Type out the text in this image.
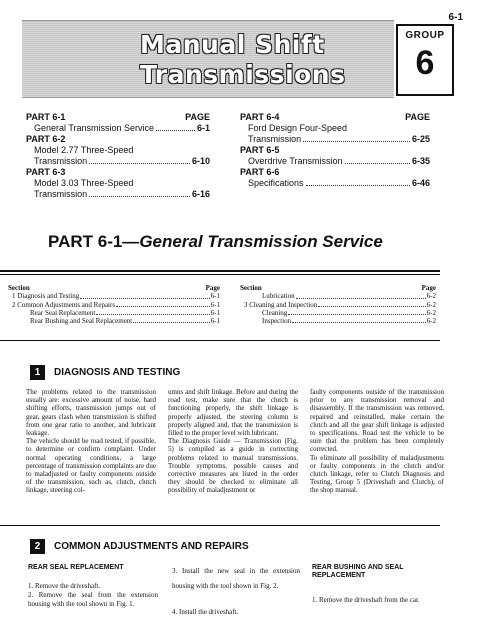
6-1
Manual Shift
Transmissions
GROUP
6
PART 6-1	PAGE
General Transmission Service	6-1
PART 6-2
Model 2.77 Three-Speed
Transmission	6-10
PART 6-3
Model 3.03 Three-Speed
Transmission	6-16
PART 6-4	PAGE
Ford Design Four-Speed
Transmission	6-25
PART 6-5
Overdrive Transmission	6-35
PART 6-6
Specifications	6-46
PART 6-1—General Transmission Service
Section	Page
1 Diagnosis and Testing	6-1
2 Common Adjustments and Repairs	6-1
Rear Seal Replacement	6-1
Rear Bushing and Seal Replacement	6-1
Section	Page
Lubrication	6-2
3 Cleaning and Inspection	6-2
Cleaning	6-2
Inspection	6-2
1	DIAGNOSIS AND TESTING
The problems related to the transmission usually are: excessive amount of noise, hard shifting efforts, transmission jumps out of gear, gears clash when transmission is shifted from one gear ratio to another, and lubricant leakage.
The vehicle should be road tested, if possible, to determine or confirm complaint. Under normal operating conditions, a large percentage of transmission complaints are due to maladjusted or faulty components outside of the transmission, such as, clutch, clutch linkage, steering col-
umns and shift linkage. Before and during the road test, make sure that the clutch is functioning properly, the shift linkage is properly adjusted, the steering column is properly aligned and, that the transmission is filled to the proper level with lubricant.
The Diagnosis Guide — Transmission (Fig. 5) is compiled as a guide in correcting problems related to manual transmissions. Trouble symptoms, possible causes and corrective measures are listed in the order they should be checked to eliminate all possibility of maladjustment or
faulty components outside of the transmission prior to any transmission removal and disassembly. If the transmission was removed, repaired and reinstalled, make certain the clutch and all the gear shift linkage is adjusted to specifications. Road test the vehicle to be sure that the problem has been completely corrected.
To eliminate all possibility of maladjustments or faulty components in the clutch and/or clutch linkage, refer to Clutch Diagnosis and Testing, Group 5 (Driveshaft and Clutch), of the shop manual.
2	COMMON ADJUSTMENTS AND REPAIRS
REAR SEAL REPLACEMENT
1. Remove the driveshaft.
2. Remove the seal from the extension housing with the tool shown in Fig. 1.
3. Install the new seal in the extension housing with the tool shown in Fig. 2.
4. Install the driveshaft.
REAR BUSHING AND SEAL REPLACEMENT
1. Remove the driveshaft from the car.
